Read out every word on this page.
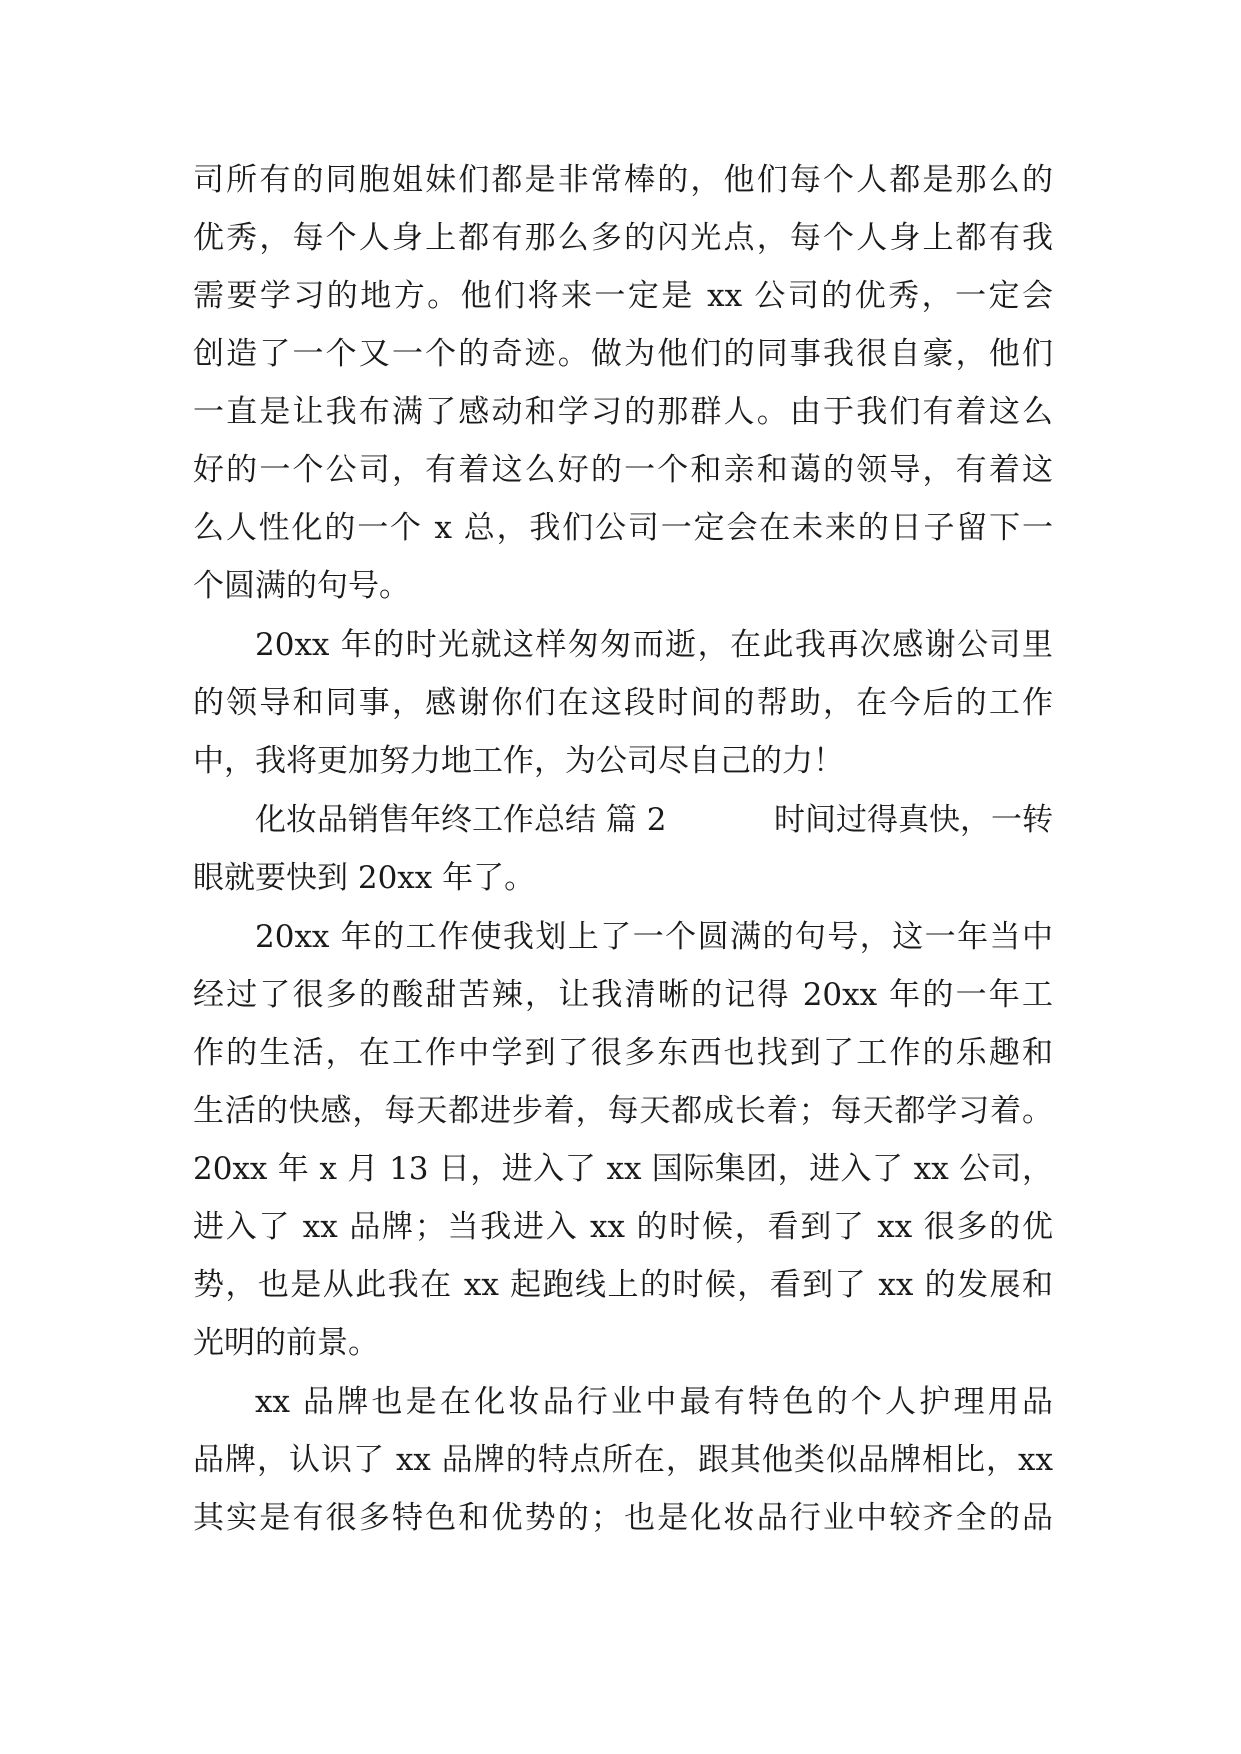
司所有的同胞姐妹们都是非常棒的，他们每个人都是那么的
优秀，每个人身上都有那么多的闪光点，每个人身上都有我
需要学习的地方。他们将来一定是 xx 公司的优秀，一定会
创造了一个又一个的奇迹。做为他们的同事我很自豪，他们
一直是让我布满了感动和学习的那群人。由于我们有着这么
好的一个公司，有着这么好的一个和亲和蔼的领导，有着这
么人性化的一个 x 总，我们公司一定会在未来的日子留下一
个圆满的句号。
20xx 年的时光就这样匆匆而逝，在此我再次感谢公司里
的领导和同事，感谢你们在这段时间的帮助，在今后的工作
中，我将更加努力地工作，为公司尽自己的力！
化妆品销售年终工作总结 篇 2	时间过得真快，一转
眼就要快到 20xx 年了。
20xx 年的工作使我划上了一个圆满的句号，这一年当中
经过了很多的酸甜苦辣，让我清晰的记得 20xx 年的一年工
作的生活，在工作中学到了很多东西也找到了工作的乐趣和
生活的快感，每天都进步着，每天都成长着；每天都学习着。
20xx 年 x 月 13 日，进入了 xx 国际集团，进入了 xx 公司，
进入了 xx 品牌；当我进入 xx 的时候，看到了 xx 很多的优
势，也是从此我在 xx 起跑线上的时候，看到了 xx 的发展和
光明的前景。
xx 品牌也是在化妆品行业中最有特色的个人护理用品
品牌，认识了 xx 品牌的特点所在，跟其他类似品牌相比，xx
其实是有很多特色和优势的；也是化妆品行业中较齐全的品
